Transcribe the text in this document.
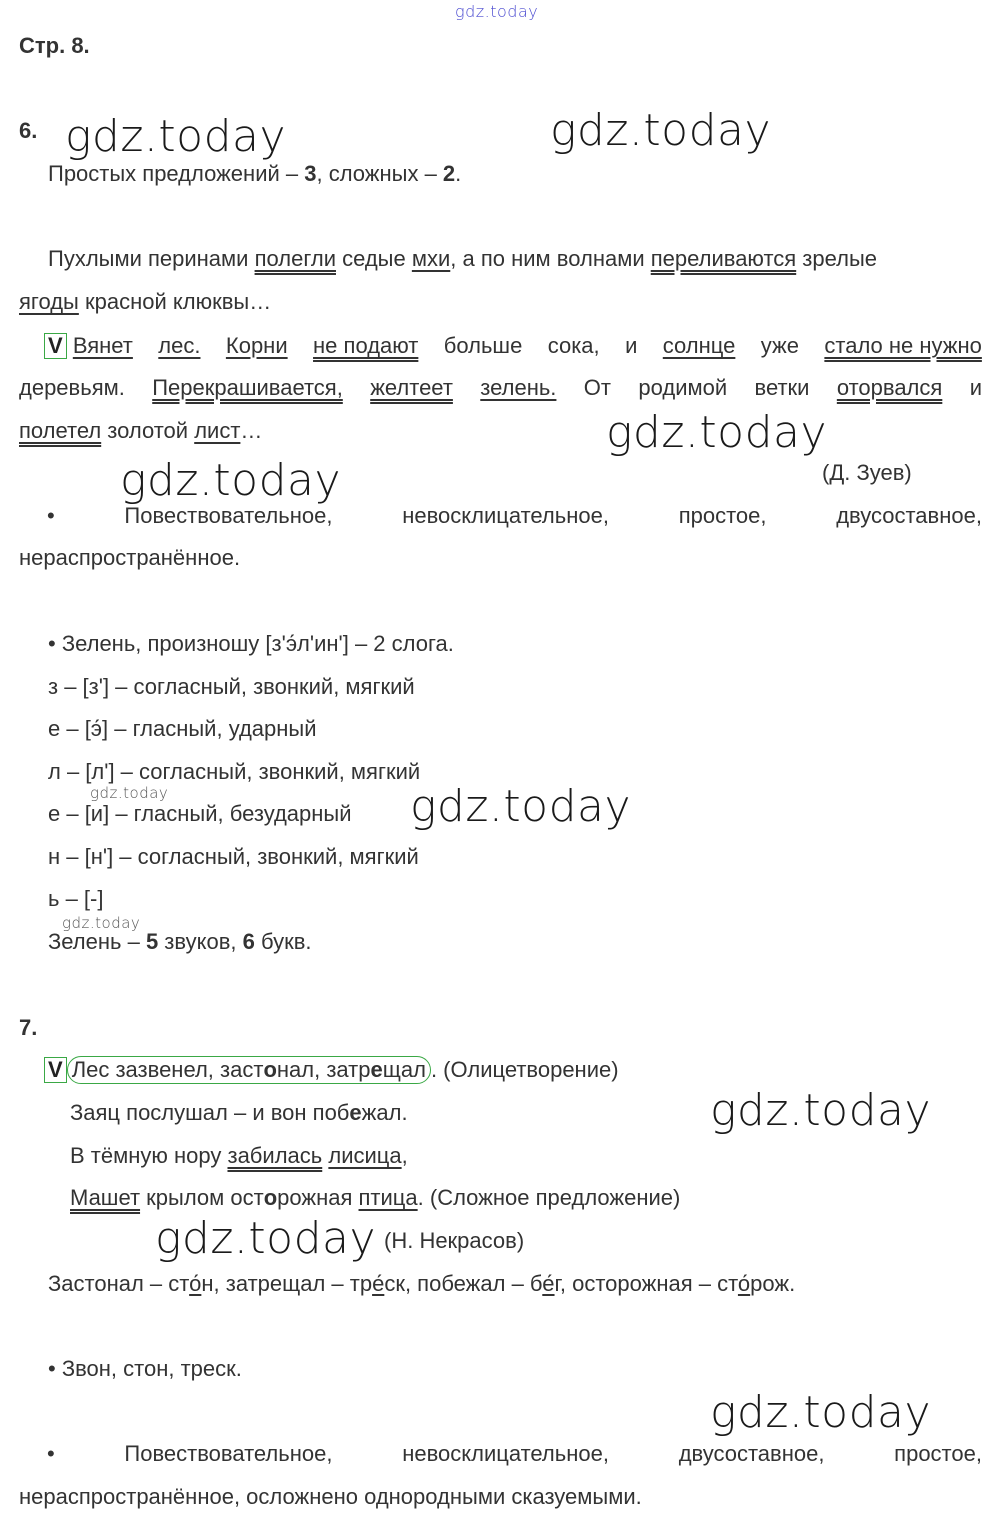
gdz.today
gdz.today	gdz.today
gdz.today
gdz.today
gdz.today	gdz.today
gdz.today
gdz.today
gdz.today
gdz.today
Стр. 8.
6.
Простых предложений – 3, сложных – 2.
Пухлыми перинами полегли седые мхи, а по ним волнами переливаются зрелые
ягоды красной клюквы…
V Вянет лес. Корни не подают больше сока, и солнце уже стало не нужно
деревьям. Перекрашивается, желтеет зелень. От родимой ветки оторвался и
полетел золотой лист…
(Д. Зуев)
•	Повествовательное,	невосклицательное,	простое,	двусоставное,
нераспространённое.
• Зелень, произношу [з'э́л'ин'] – 2 слога.
з – [з'] – согласный, звонкий, мягкий
е – [э́] – гласный, ударный
л – [л'] – согласный, звонкий, мягкий
е – [и] – гласный, безударный
н – [н'] – согласный, звонкий, мягкий
ь – [-]
Зелень – 5 звуков, 6 букв.
7.
V Лес зазвенел, застонал, затрещал . (Олицетворение)
Заяц послушал – и вон побежал.
В тёмную нору забилась лисица,
Машет крылом осторожная птица. (Сложное предложение)
(Н. Некрасов)
Застонал – сто́н, затрещал – тре́ск, побежал – бе́г, осторожная – сто́рож.
• Звон, стон, треск.
•	Повествовательное,	невосклицательное,	двусоставное,	простое,
нераспространённое, осложнено однородными сказуемыми.
